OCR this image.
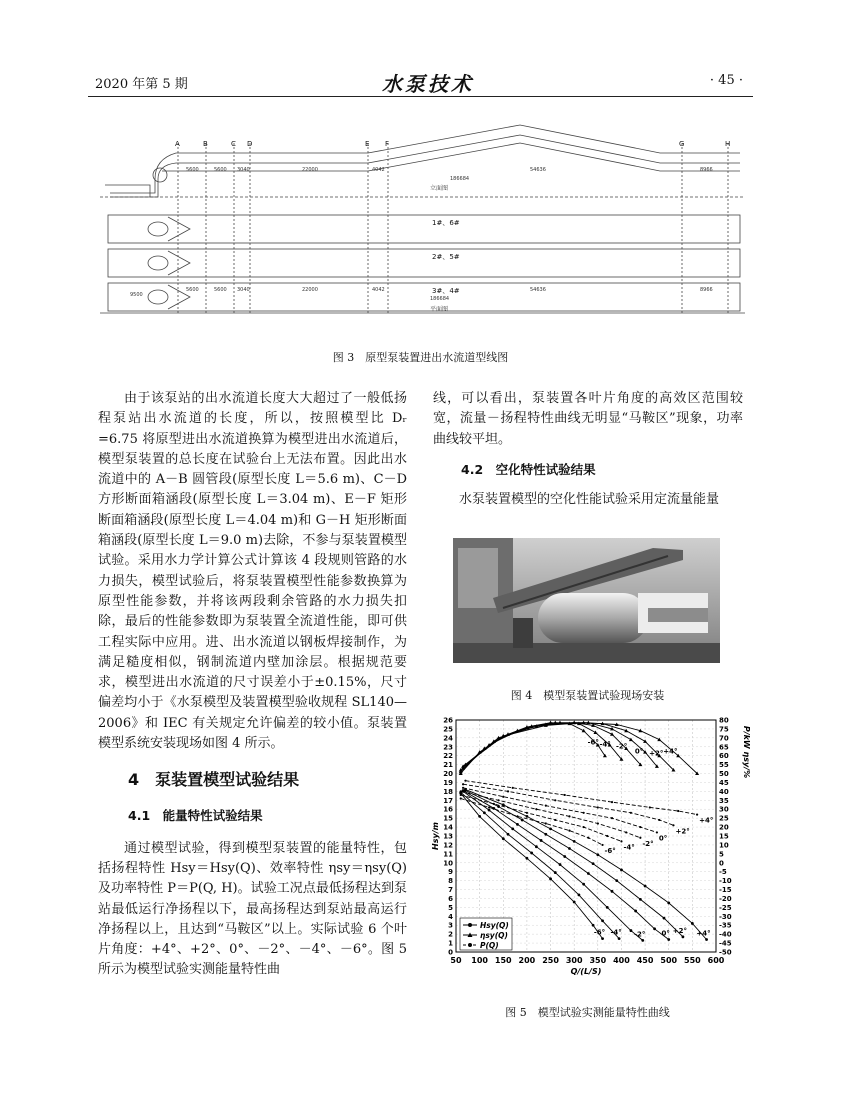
2020 年第 5 期	水泵技术	· 45 ·
A	B	C D	E F	G	H
5600	5600 3040	22000	4042	54636	8966
186684
立面图
1#、6#
2#、5#
3#、4#
9500
5600	5600 3040	22000	4042	54636	8966
186684
平面图
图 3　原型泵装置进出水流道型线图

由于该泵站的出水流道长度大大超过了一般低扬程泵站出水流道的长度，所以，按照模型比 Dᵣ =6.75 将原型进出水流道换算为模型进出水流道后，模型泵装置的总长度在试验台上无法布置。因此出水流道中的 A－B 圆管段(原型长度 L＝5.6 m)、C－D 方形断面箱涵段(原型长度 L＝3.04 m)、E－F 矩形断面箱涵段(原型长度 L＝4.04 m)和 G－H 矩形断面箱涵段(原型长度 L＝9.0 m)去除，不参与泵装置模型试验。采用水力学计算公式计算该 4 段规则管路的水力损失，模型试验后，将泵装置模型性能参数换算为原型性能参数，并将该两段剩余管路的水力损失扣除，最后的性能参数即为泵装置全流道性能，即可供工程实际中应用。进、出水流道以钢板焊接制作，为满足糙度相似，钢制流道内壁加涂层。根据规范要求，模型进出水流道的尺寸误差小于±0.15%，尺寸偏差均小于《水泵模型及装置模型验收规程 SL140—2006》和 IEC 有关规定允许偏差的较小值。泵装置模型系统安装现场如图 4 所示。

4　泵装置模型试验结果
4.1　能量特性试验结果

通过模型试验，得到模型泵装置的能量特性，包括扬程特性 Hsy＝Hsy(Q)、效率特性 ηsy＝ηsy(Q)及功率特性 P＝P(Q, H)。试验工况点最低扬程达到泵站最低运行净扬程以下，最高扬程达到泵站最高运行净扬程以上，且达到“马鞍区”以上。实际试验 6 个叶片角度：+4°、+2°、0°、－2°、－4°、－6°。图 5 所示为模型试验实测能量特性曲

线，可以看出，泵装置各叶片角度的高效区范围较宽，流量－扬程特性曲线无明显“马鞍区”现象，功率曲线较平坦。

4.2　空化特性试验结果

水泵装置模型的空化性能试验采用定流量能量

图 4　模型泵装置试验现场安装
50 100 150 200 250 300 350 400 450 500 550 600
0
1
2
3
4
5
6
7
8
9
10
11
12
13
14
15
16
17
18
19
20
21
22
23
24
25
26
-50
-45
-40
-35
-30
-25
-20
-15
-10
-5
0
5
10
15
20
25
30
35
40
45
50
55
60
65
70
75
80
Q/(L/S)
Hsy/m
P/kW ηsy/%
-6°
-6°
-6°
-4°
-4°
-4°
-2°
-2°
-2°
0°
0°
0°
+2°
+2°
+2°
+4°
+4°
+4°
Hsy(Q)
ηsy(Q)
P(Q)
图 5　模型试验实测能量特性曲线
